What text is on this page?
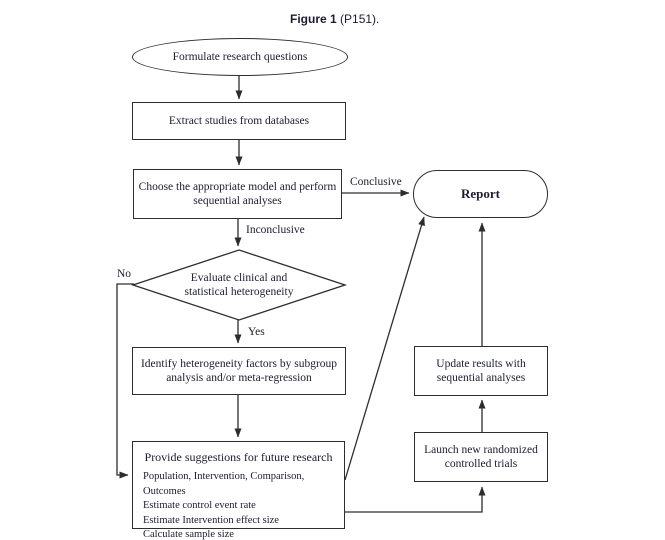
Figure 1 (P151).
Formulate research questions
Extract studies from databases
Choose the appropriate model and perform
sequential analyses	Report
Evaluate clinical and
statistical heterogeneity
Identify heterogeneity factors by subgroup
analysis and/or meta-regression
Provide suggestions for future research
Population, Intervention, Comparison, Outcomes
Estimate control event rate
Estimate Intervention effect size
Calculate sample size
Update results with
sequential analyses
Launch new randomized
controlled trials
Conclusive
Inconclusive
Yes
No
